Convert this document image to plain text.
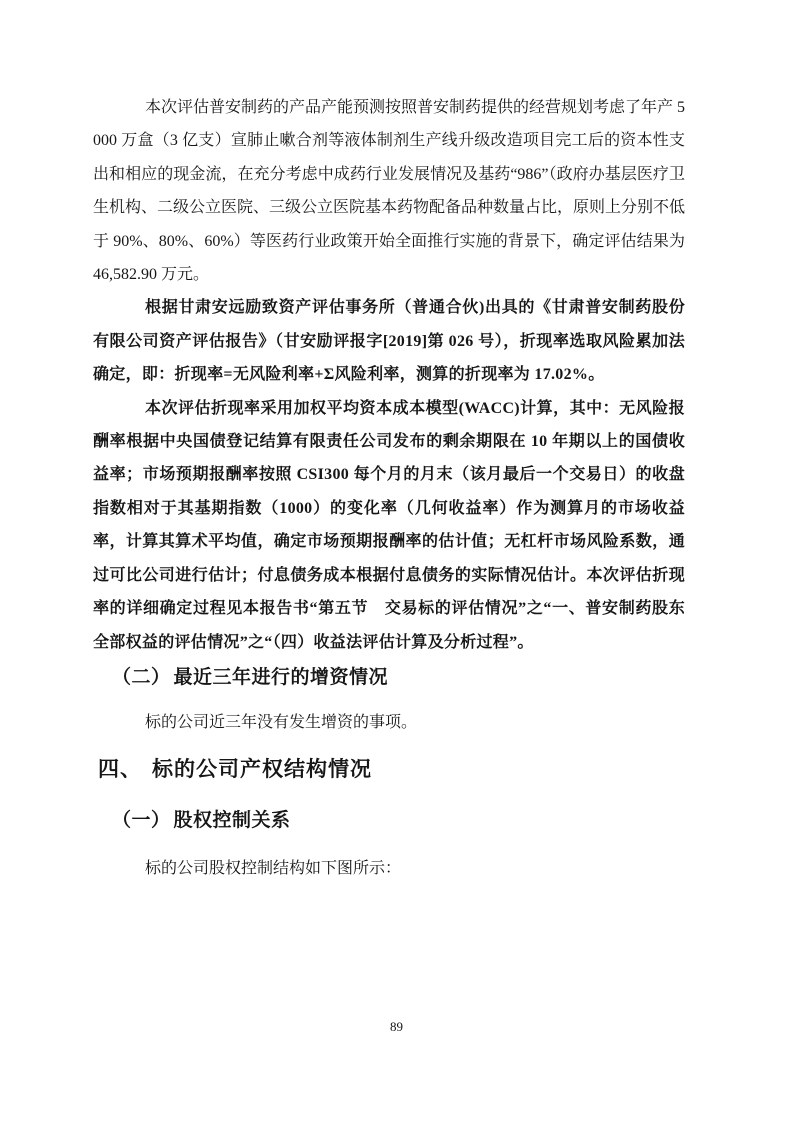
本次评估普安制药的产品产能预测按照普安制药提供的经营规划考虑了年产 5000 万盒（3 亿支）宣肺止嗽合剂等液体制剂生产线升级改造项目完工后的资本性支出和相应的现金流，在充分考虑中成药行业发展情况及基药“986”（政府办基层医疗卫生机构、二级公立医院、三级公立医院基本药物配备品种数量占比，原则上分别不低于 90%、80%、60%）等医药行业政策开始全面推行实施的背景下，确定评估结果为 46,582.90 万元。

根据甘肃安远励致资产评估事务所（普通合伙)出具的《甘肃普安制药股份有限公司资产评估报告》（甘安励评报字[2019]第 026 号），折现率选取风险累加法确定，即：折现率=无风险利率+Σ风险利率，测算的折现率为 17.02%。

本次评估折现率采用加权平均资本成本模型(WACC)计算，其中：无风险报酬率根据中央国债登记结算有限责任公司发布的剩余期限在 10 年期以上的国债收益率；市场预期报酬率按照 CSI300 每个月的月末（该月最后一个交易日）的收盘指数相对于其基期指数（1000）的变化率（几何收益率）作为测算月的市场收益率，计算其算术平均值，确定市场预期报酬率的估计值；无杠杆市场风险系数，通过可比公司进行估计；付息债务成本根据付息债务的实际情况估计。本次评估折现率的详细确定过程见本报告书“第五节　交易标的评估情况”之“一、普安制药股东全部权益的评估情况”之“（四）收益法评估计算及分析过程”。

（二） 最近三年进行的增资情况

标的公司近三年没有发生增资的事项。

四、 标的公司产权结构情况
（一） 股权控制关系

标的公司股权控制结构如下图所示：

89
